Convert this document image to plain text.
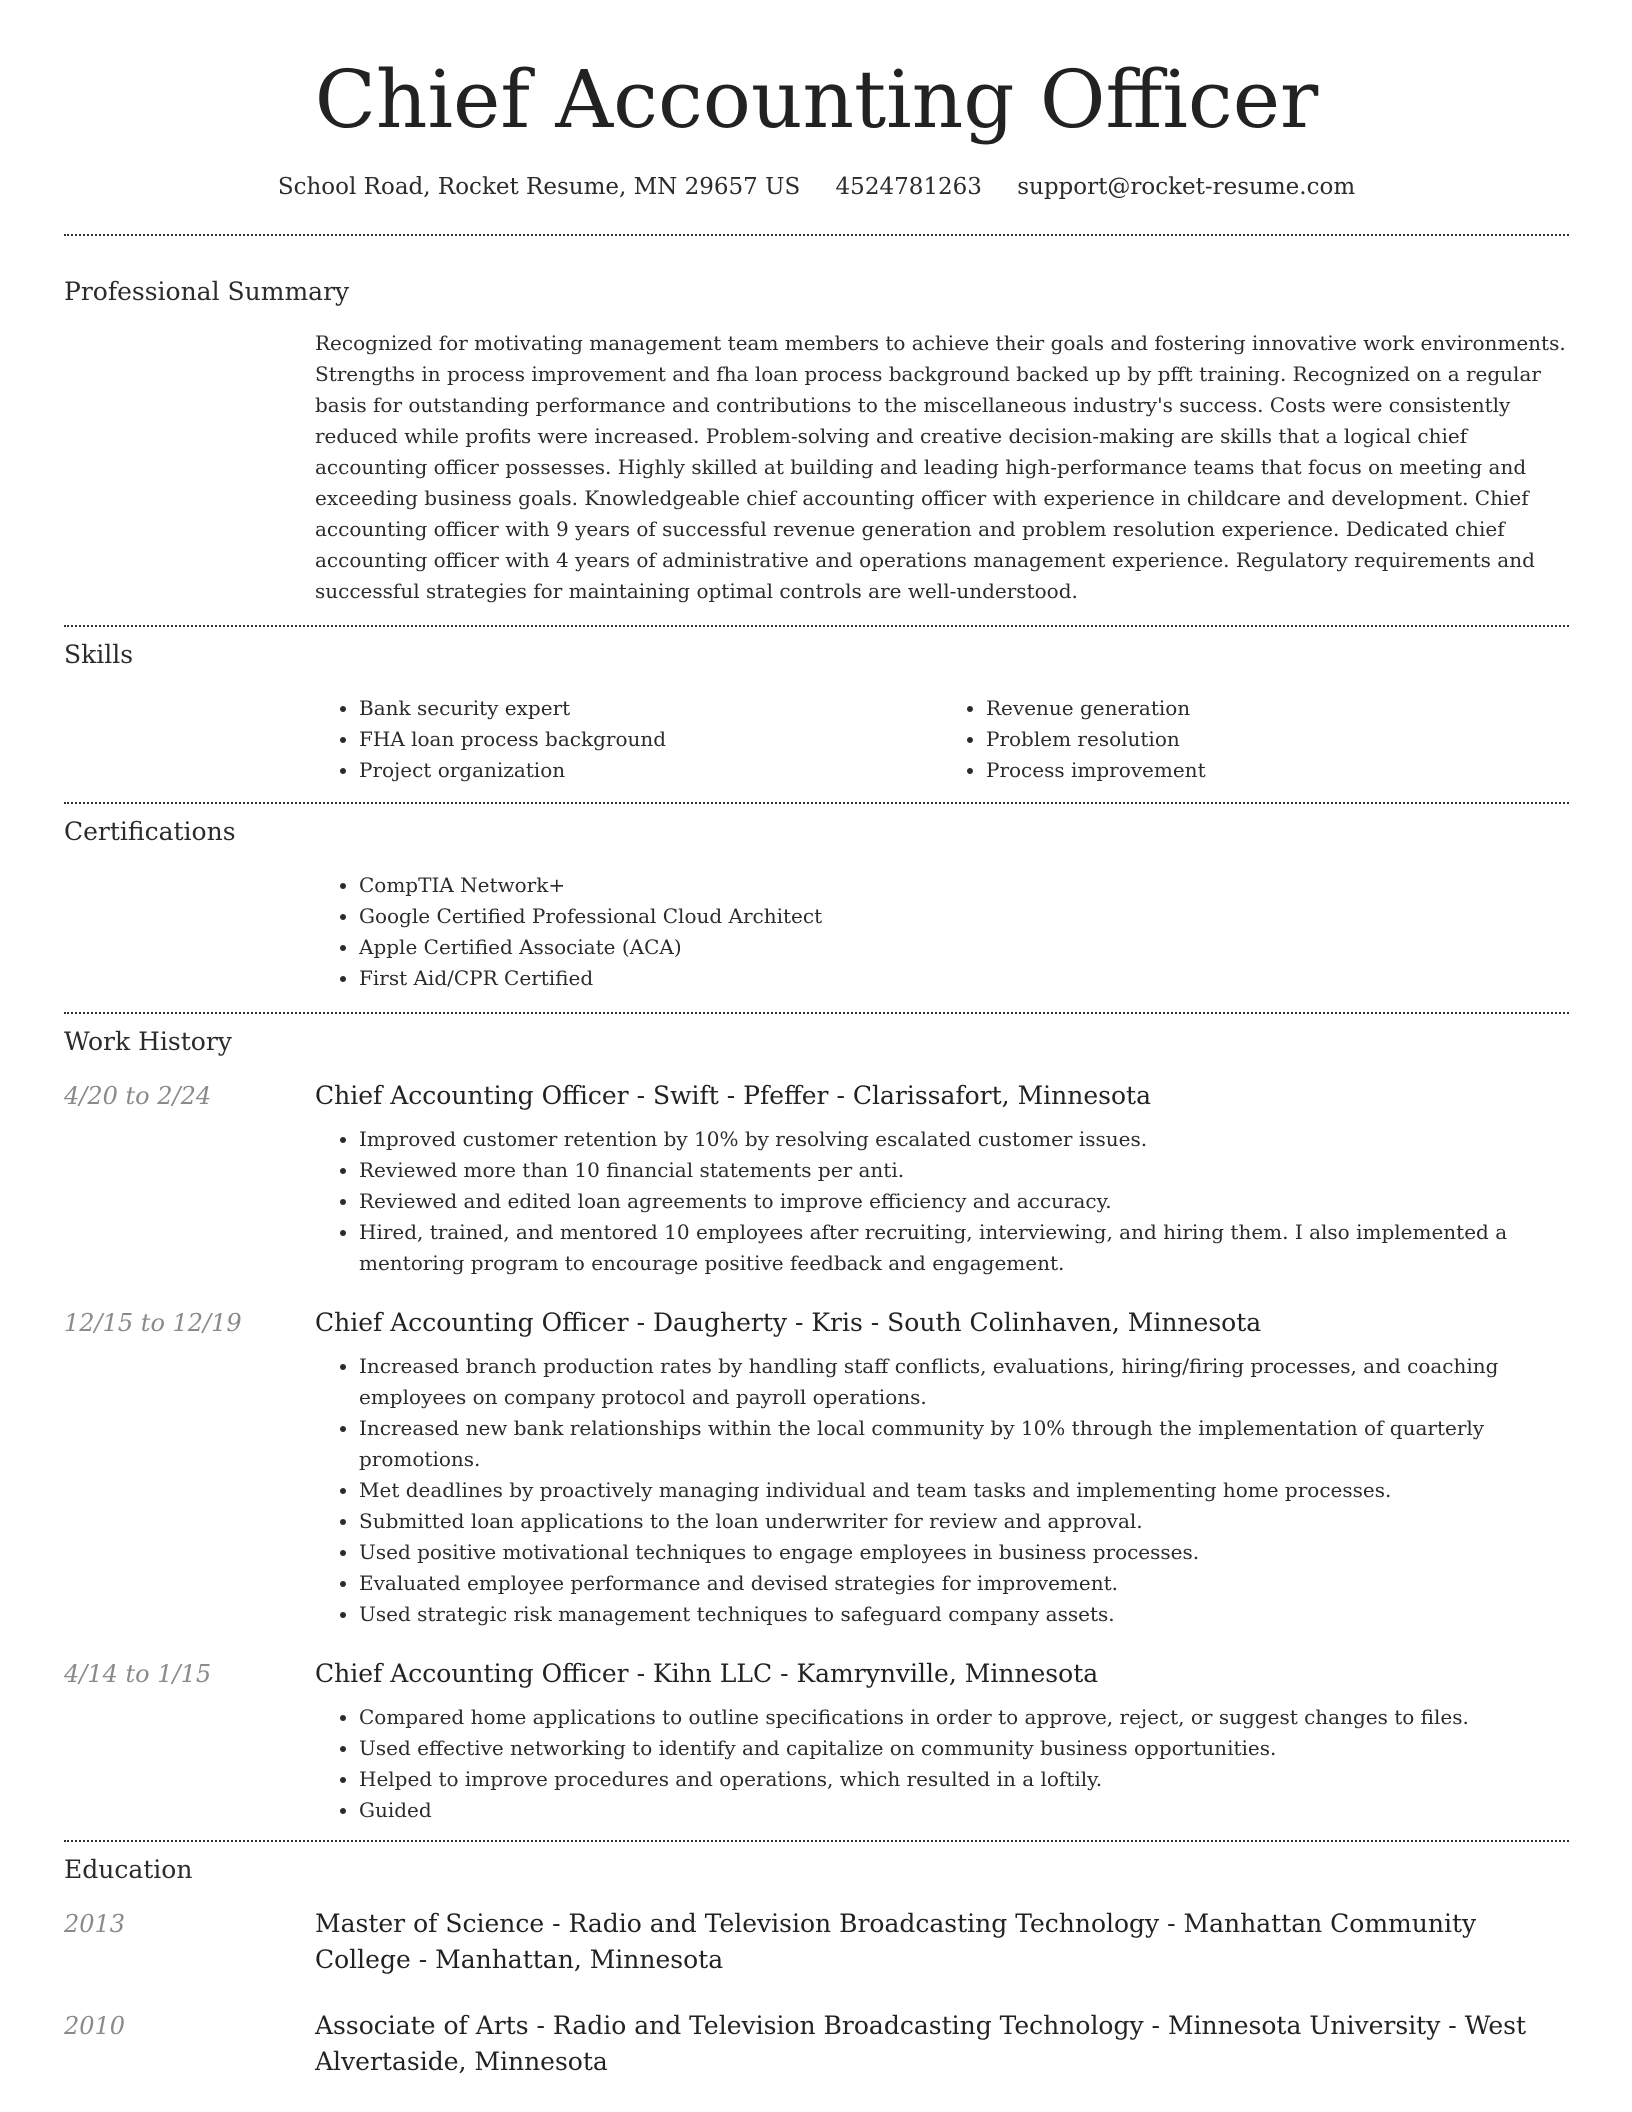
Chief Accounting Officer
School Road, Rocket Resume, MN 29657 US 4524781263 support@rocket-resume.com
Professional Summary

Recognized for motivating management team members to achieve their goals and fostering innovative work environments. Strengths in process improvement and fha loan process background backed up by pfft training. Recognized on a regular basis for outstanding performance and contributions to the miscellaneous industry's success. Costs were consistently reduced while profits were increased. Problem-solving and creative decision-making are skills that a logical chief accounting officer possesses. Highly skilled at building and leading high-performance teams that focus on meeting and exceeding business goals. Knowledgeable chief accounting officer with experience in childcare and development. Chief accounting officer with 9 years of successful revenue generation and problem resolution experience. Dedicated chief accounting officer with 4 years of administrative and operations management experience. Regulatory requirements and successful strategies for maintaining optimal controls are well-understood.

Skills
• Bank security expert
• FHA loan process background
• Project organization
• Revenue generation
• Problem resolution
• Process improvement
Certifications
• CompTIA Network+
• Google Certified Professional Cloud Architect
• Apple Certified Associate (ACA)
• First Aid/CPR Certified
Work History
4/20 to 2/24	Chief Accounting Officer - Swift - Pfeffer - Clarissafort, Minnesota
• Improved customer retention by 10% by resolving escalated customer issues.
• Reviewed more than 10 financial statements per anti.
• Reviewed and edited loan agreements to improve efficiency and accuracy.
• Hired, trained, and mentored 10 employees after recruiting, interviewing, and hiring them. I also implemented a mentoring program to encourage positive feedback and engagement.
12/15 to 12/19	Chief Accounting Officer - Daugherty - Kris - South Colinhaven, Minnesota
• Increased branch production rates by handling staff conflicts, evaluations, hiring/firing processes, and coaching employees on company protocol and payroll operations.
• Increased new bank relationships within the local community by 10% through the implementation of quarterly promotions.
• Met deadlines by proactively managing individual and team tasks and implementing home processes.
• Submitted loan applications to the loan underwriter for review and approval.
• Used positive motivational techniques to engage employees in business processes.
• Evaluated employee performance and devised strategies for improvement.
• Used strategic risk management techniques to safeguard company assets.
4/14 to 1/15	Chief Accounting Officer - Kihn LLC - Kamrynville, Minnesota
• Compared home applications to outline specifications in order to approve, reject, or suggest changes to files.
• Used effective networking to identify and capitalize on community business opportunities.
• Helped to improve procedures and operations, which resulted in a loftily.
• Guided
Education
2013	Master of Science - Radio and Television Broadcasting Technology - Manhattan Community College - Manhattan, Minnesota
2010	Associate of Arts - Radio and Television Broadcasting Technology - Minnesota University - West Alvertaside, Minnesota
